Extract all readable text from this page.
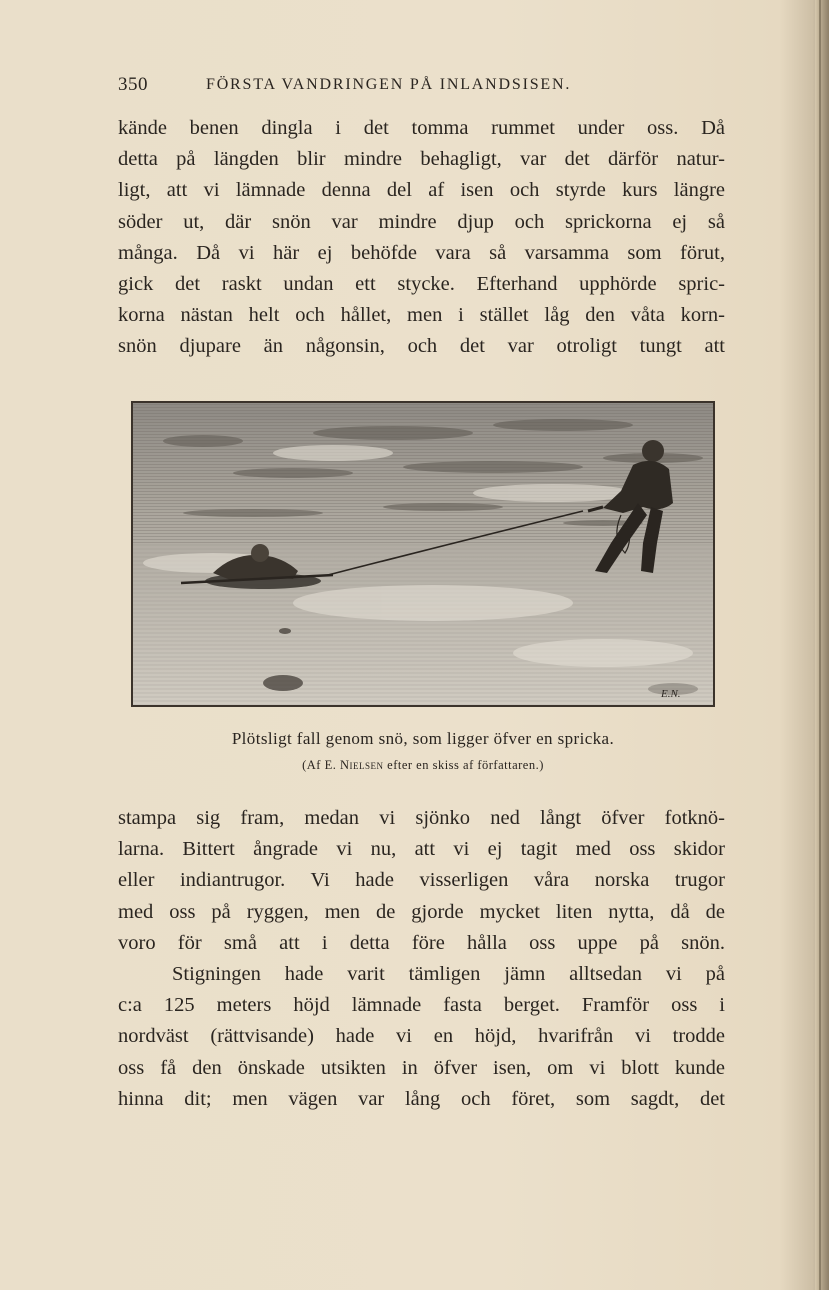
350	FÖRSTA VANDRINGEN PÅ INLANDSISEN.
kände benen dingla i det tomma rummet under oss. Då
detta på längden blir mindre behagligt, var det därför natur-
ligt, att vi lämnade denna del af isen och styrde kurs längre
söder ut, där snön var mindre djup och sprickorna ej så
många. Då vi här ej behöfde vara så varsamma som förut,
gick det raskt undan ett stycke. Efterhand upphörde spric-
korna nästan helt och hållet, men i stället låg den våta korn-
snön djupare än någonsin, och det var otroligt tungt att
E.N.
Plötsligt fall genom snö, som ligger öfver en spricka.
(Af E. Nielsen efter en skiss af författaren.)
stampa sig fram, medan vi sjönko ned långt öfver fotknö-
larna. Bittert ångrade vi nu, att vi ej tagit med oss skidor
eller indiantrugor. Vi hade visserligen våra norska trugor
med oss på ryggen, men de gjorde mycket liten nytta, då de
voro för små att i detta före hålla oss uppe på snön.
Stigningen hade varit tämligen jämn alltsedan vi på
c:a 125 meters höjd lämnade fasta berget. Framför oss i
nordväst (rättvisande) hade vi en höjd, hvarifrån vi trodde
oss få den önskade utsikten in öfver isen, om vi blott kunde
hinna dit; men vägen var lång och föret, som sagdt, det
